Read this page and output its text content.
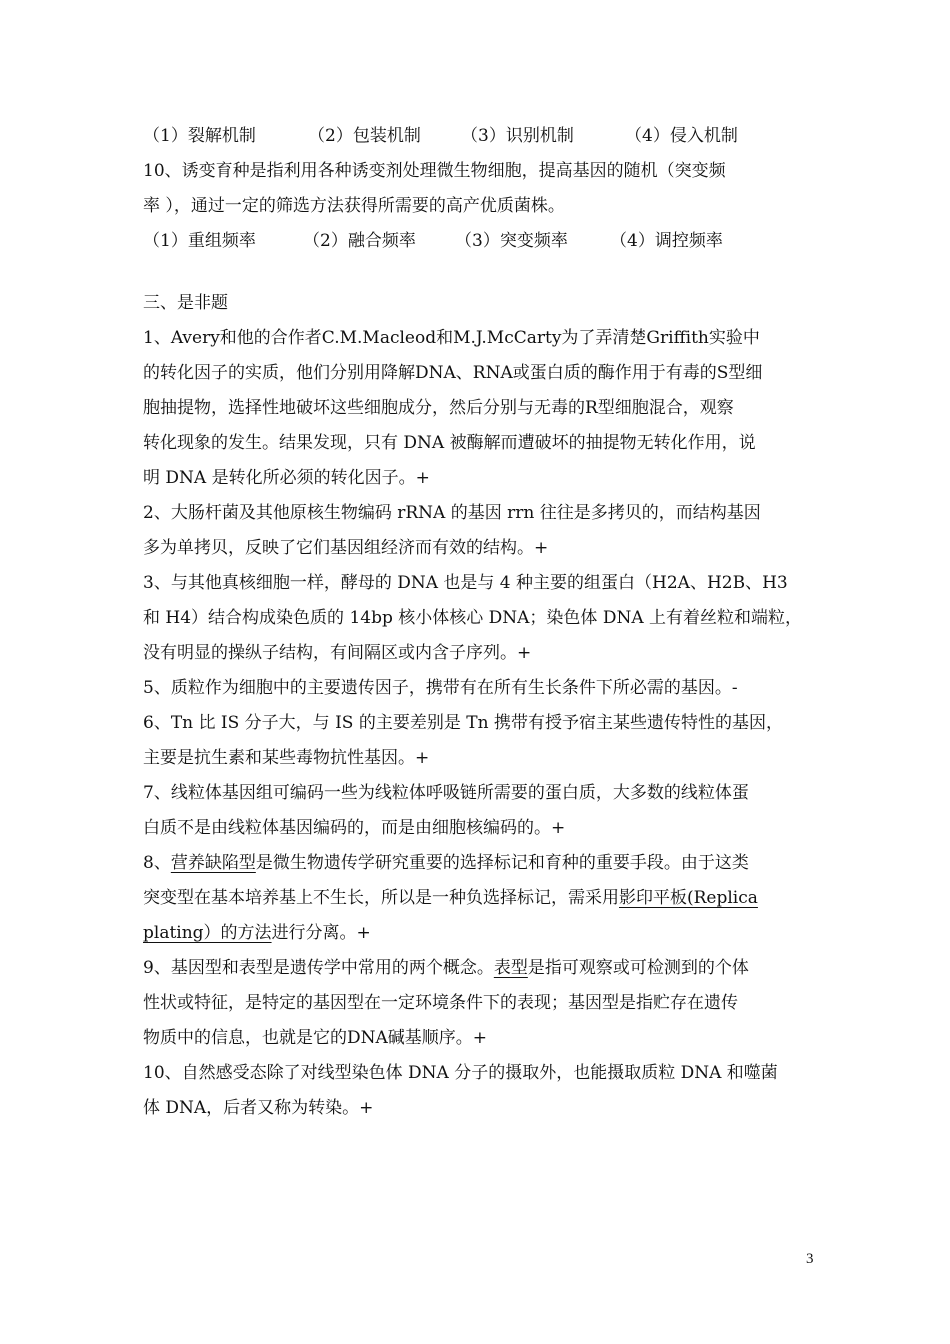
（1）裂解机制	（2）包装机制 （3）识别机制	（4）侵入机制
10、诱变育种是指利用各种诱变剂处理微生物细胞，提高基因的随机（突变频
率 ），通过一定的筛选方法获得所需要的高产优质菌株。
（1）重组频率	（2）融合频率 （3）突变频率 （4）调控频率
三、是非题
1、Avery和他的合作者C.M.Macleod和M.J.McCarty为了弄清楚Griffith实验中
的转化因子的实质，他们分别用降解DNA、RNA或蛋白质的酶作用于有毒的S型细
胞抽提物，选择性地破坏这些细胞成分，然后分别与无毒的R型细胞混合，观察
转化现象的发生。结果发现，只有 DNA 被酶解而遭破坏的抽提物无转化作用，说
明 DNA 是转化所必须的转化因子。+
2、大肠杆菌及其他原核生物编码 rRNA 的基因 rrn 往往是多拷贝的，而结构基因
多为单拷贝，反映了它们基因组经济而有效的结构。+
3、与其他真核细胞一样，酵母的 DNA 也是与 4 种主要的组蛋白（H2A、H2B、H3
和 H4）结合构成染色质的 14bp 核小体核心 DNA；染色体 DNA 上有着丝粒和端粒，
没有明显的操纵子结构，有间隔区或内含子序列。+
5、质粒作为细胞中的主要遗传因子，携带有在所有生长条件下所必需的基因。-
6、Tn 比 IS 分子大，与 IS 的主要差别是 Tn 携带有授予宿主某些遗传特性的基因，
主要是抗生素和某些毒物抗性基因。+
7、线粒体基因组可编码一些为线粒体呼吸链所需要的蛋白质，大多数的线粒体蛋
白质不是由线粒体基因编码的，而是由细胞核编码的。+
8、营养缺陷型是微生物遗传学研究重要的选择标记和育种的重要手段。由于这类
突变型在基本培养基上不生长，所以是一种负选择标记，需采用影印平板(Replica
plating）的方法进行分离。+
9、基因型和表型是遗传学中常用的两个概念。表型是指可观察或可检测到的个体
性状或特征，是特定的基因型在一定环境条件下的表现；基因型是指贮存在遗传
物质中的信息，也就是它的DNA碱基顺序。+
10、自然感受态除了对线型染色体 DNA 分子的摄取外，也能摄取质粒 DNA 和噬菌
体 DNA，后者又称为转染。+
3
